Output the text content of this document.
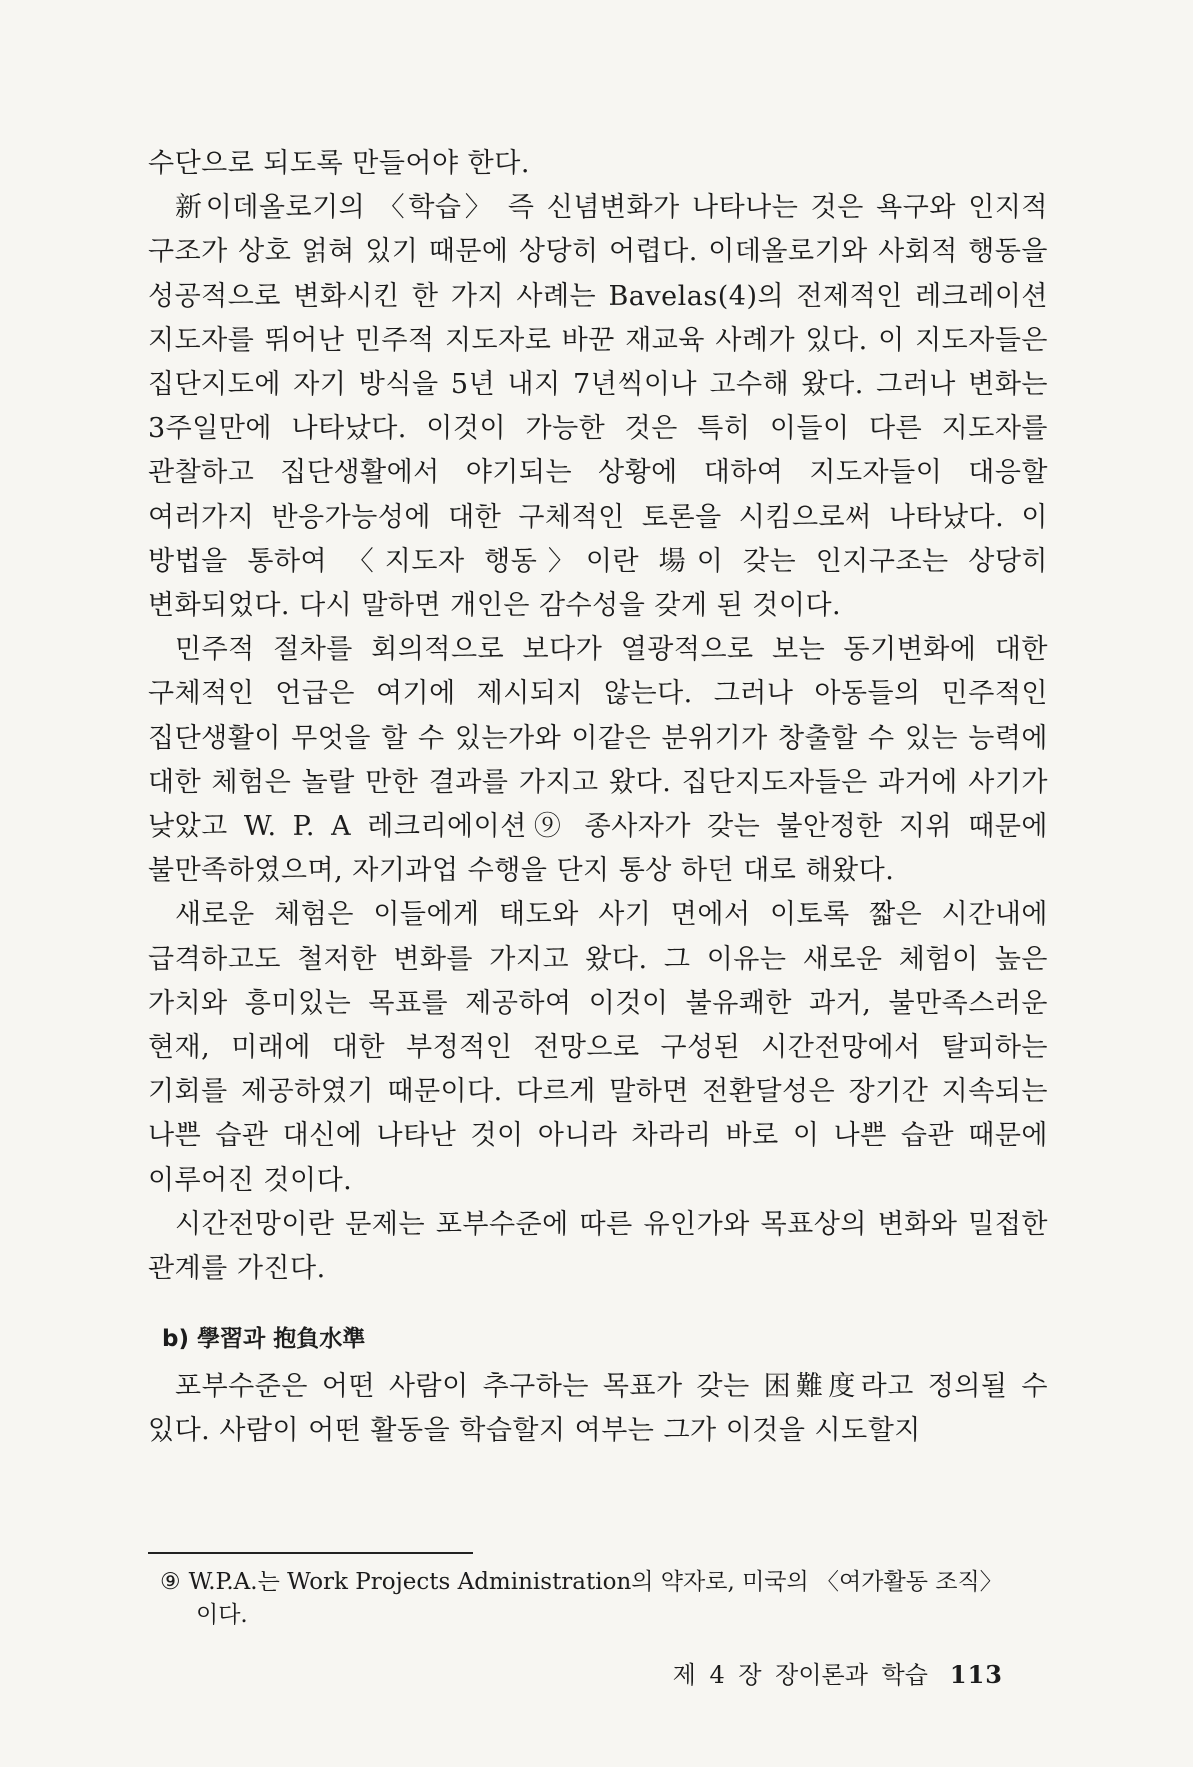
수단으로 되도록 만들어야 한다.

新이데올로기의 〈학습〉 즉 신념변화가 나타나는 것은 욕구와 인지적 구조가 상호 얽혀 있기 때문에 상당히 어렵다. 이데올로기와 사회적 행동을 성공적으로 변화시킨 한 가지 사례는 Bavelas(4)의 전제적인 레크레이션 지도자를 뛰어난 민주적 지도자로 바꾼 재교육 사례가 있다. 이 지도자들은 집단지도에 자기 방식을 5년 내지 7년씩이나 고수해 왔다. 그러나 변화는 3주일만에 나타났다. 이것이 가능한 것은 특히 이들이 다른 지도자를 관찰하고 집단생활에서 야기되는 상황에 대하여 지도자들이 대응할 여러가지 반응가능성에 대한 구체적인 토론을 시킴으로써 나타났다. 이 방법을 통하여 〈지도자 행동〉이란 場이 갖는 인지구조는 상당히 변화되었다. 다시 말하면 개인은 감수성을 갖게 된 것이다.

민주적 절차를 회의적으로 보다가 열광적으로 보는 동기변화에 대한 구체적인 언급은 여기에 제시되지 않는다. 그러나 아동들의 민주적인 집단생활이 무엇을 할 수 있는가와 이같은 분위기가 창출할 수 있는 능력에 대한 체험은 놀랄 만한 결과를 가지고 왔다. 집단지도자들은 과거에 사기가 낮았고 W. P. A 레크리에이션⑨ 종사자가 갖는 불안정한 지위 때문에 불만족하였으며, 자기과업 수행을 단지 통상 하던 대로 해왔다.

새로운 체험은 이들에게 태도와 사기 면에서 이토록 짧은 시간내에 급격하고도 철저한 변화를 가지고 왔다. 그 이유는 새로운 체험이 높은 가치와 흥미있는 목표를 제공하여 이것이 불유쾌한 과거, 불만족스러운 현재, 미래에 대한 부정적인 전망으로 구성된 시간전망에서 탈피하는 기회를 제공하였기 때문이다. 다르게 말하면 전환달성은 장기간 지속되는 나쁜 습관 대신에 나타난 것이 아니라 차라리 바로 이 나쁜 습관 때문에 이루어진 것이다.

시간전망이란 문제는 포부수준에 따른 유인가와 목표상의 변화와 밀접한 관계를 가진다.

b) 學習과 抱負水準

포부수준은 어떤 사람이 추구하는 목표가 갖는 困難度라고 정의될 수 있다. 사람이 어떤 활동을 학습할지 여부는 그가 이것을 시도할지

⑨ W.P.A.는 Work Projects Administration의 약자로, 미국의 〈여가활동 조직〉
이다.
제 4 장 장이론과 학습 113
